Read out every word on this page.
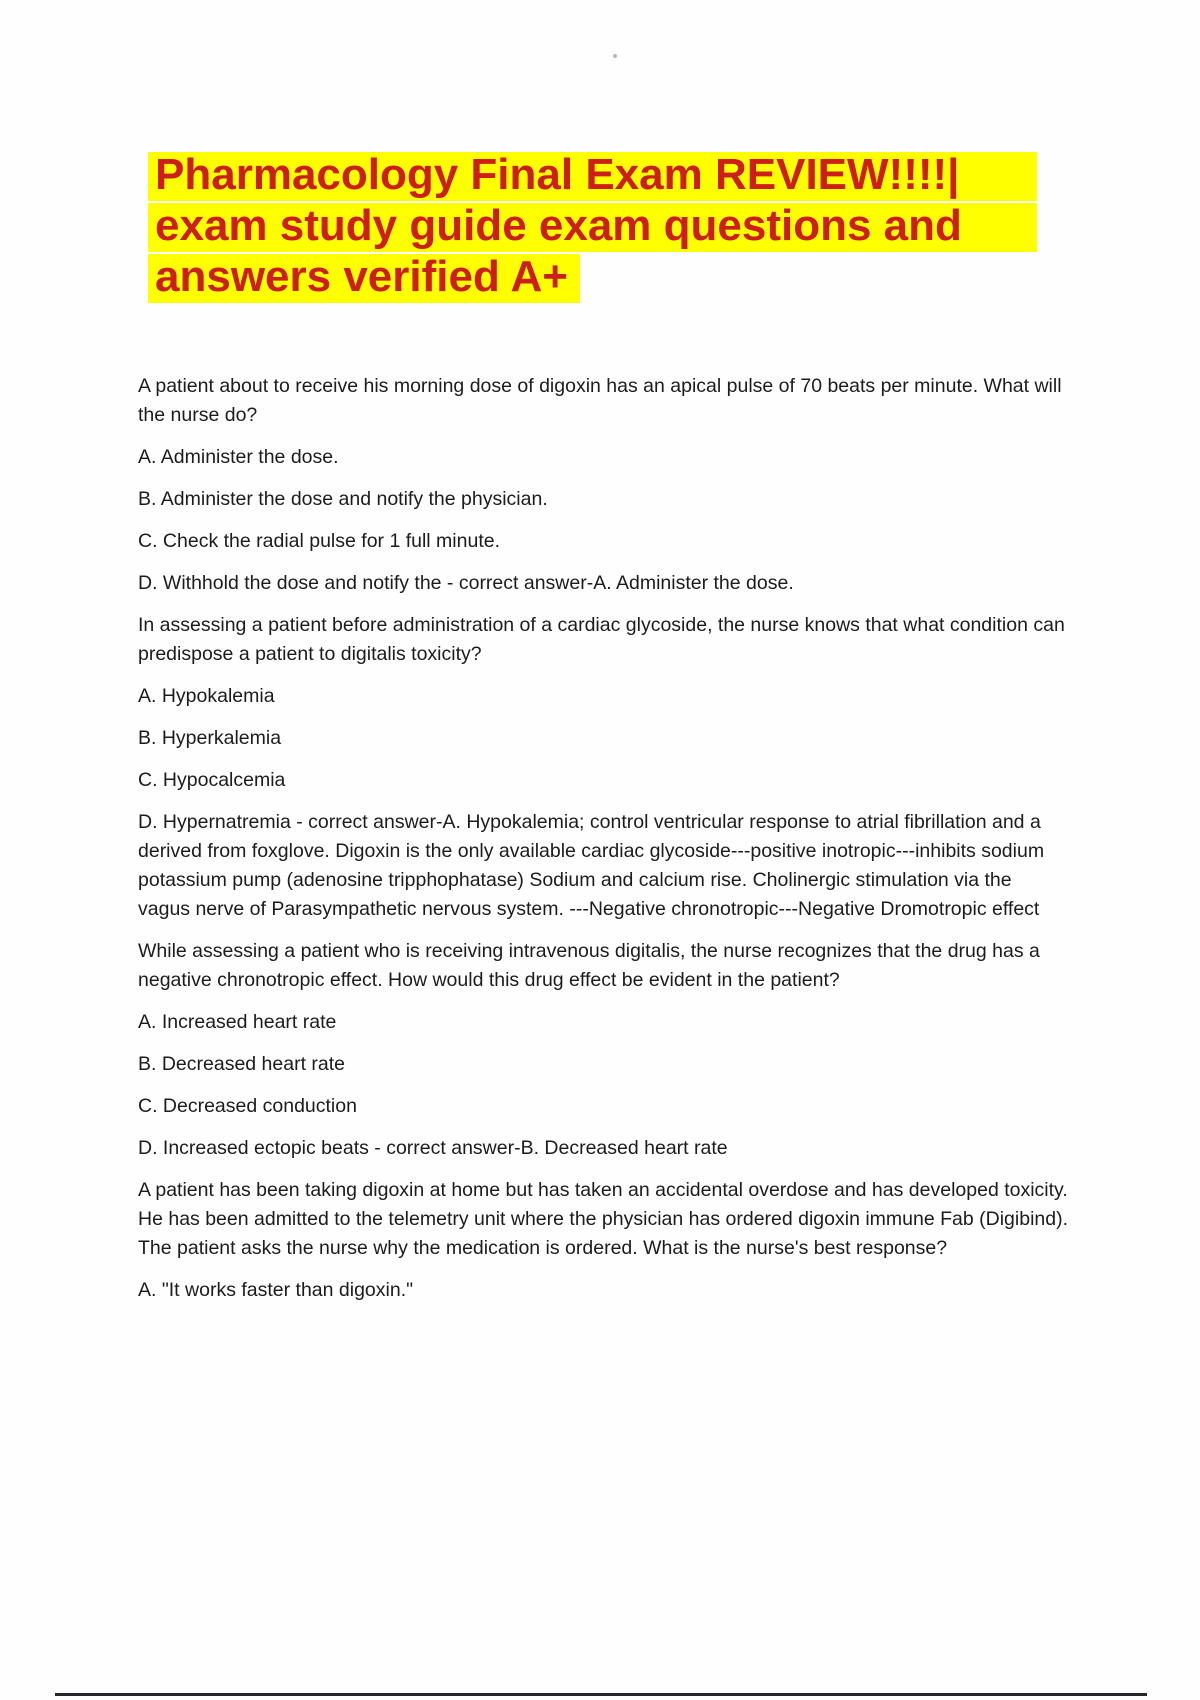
Pharmacology Final Exam REVIEW!!!!|
exam study guide exam questions and
answers verified A+

A patient about to receive his morning dose of digoxin has an apical pulse of 70 beats per minute. What will the nurse do?

A. Administer the dose.

B. Administer the dose and notify the physician.

C. Check the radial pulse for 1 full minute.

D. Withhold the dose and notify the - correct answer-A. Administer the dose.

In assessing a patient before administration of a cardiac glycoside, the nurse knows that what condition can predispose a patient to digitalis toxicity?

A. Hypokalemia

B. Hyperkalemia

C. Hypocalcemia

D. Hypernatremia - correct answer-A. Hypokalemia; control ventricular response to atrial fibrillation and a derived from foxglove. Digoxin is the only available cardiac glycoside---positive inotropic---inhibits sodium potassium pump (adenosine tripphophatase) Sodium and calcium rise. Cholinergic stimulation via the vagus nerve of Parasympathetic nervous system. ---Negative chronotropic---Negative Dromotropic effect

While assessing a patient who is receiving intravenous digitalis, the nurse recognizes that the drug has a negative chronotropic effect. How would this drug effect be evident in the patient?

A. Increased heart rate

B. Decreased heart rate

C. Decreased conduction

D. Increased ectopic beats - correct answer-B. Decreased heart rate

A patient has been taking digoxin at home but has taken an accidental overdose and has developed toxicity. He has been admitted to the telemetry unit where the physician has ordered digoxin immune Fab (Digibind). The patient asks the nurse why the medication is ordered. What is the nurse's best response?

A. "It works faster than digoxin."
